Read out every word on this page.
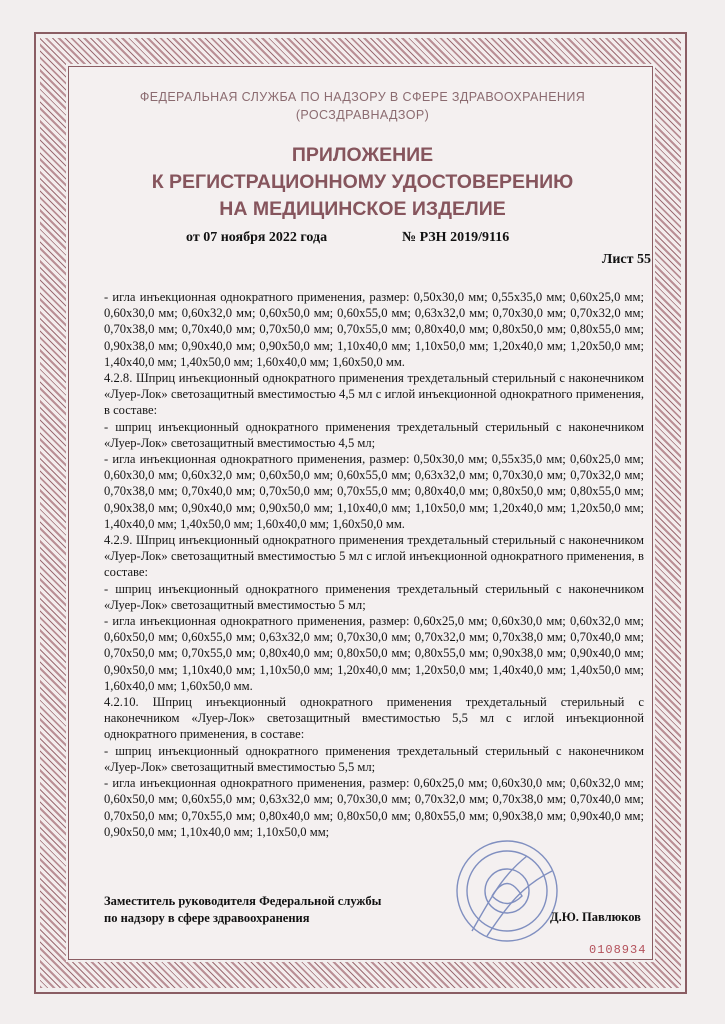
ФЕДЕРАЛЬНАЯ СЛУЖБА ПО НАДЗОРУ В СФЕРЕ ЗДРАВООХРАНЕНИЯ
(РОСЗДРАВНАДЗОР)
ПРИЛОЖЕНИЕ
К РЕГИСТРАЦИОННОМУ УДОСТОВЕРЕНИЮ
НА МЕДИЦИНСКОЕ ИЗДЕЛИЕ
от 07 ноября 2022 года	№ РЗН 2019/9116
Лист 55

- игла инъекционная однократного применения, размер: 0,50x30,0 мм; 0,55x35,0 мм; 0,60x25,0 мм; 0,60x30,0 мм; 0,60x32,0 мм; 0,60x50,0 мм; 0,60x55,0 мм; 0,63x32,0 мм; 0,70x30,0 мм; 0,70x32,0 мм; 0,70x38,0 мм; 0,70x40,0 мм; 0,70x50,0 мм; 0,70x55,0 мм; 0,80x40,0 мм; 0,80x50,0 мм; 0,80x55,0 мм; 0,90x38,0 мм; 0,90x40,0 мм; 0,90x50,0 мм; 1,10x40,0 мм; 1,10x50,0 мм; 1,20x40,0 мм; 1,20x50,0 мм; 1,40x40,0 мм; 1,40x50,0 мм; 1,60x40,0 мм; 1,60x50,0 мм.

4.2.8. Шприц инъекционный однократного применения трехдетальный стерильный с наконечником «Луер-Лок» светозащитный вместимостью 4,5 мл с иглой инъекционной однократного применения, в составе:

- шприц инъекционный однократного применения трехдетальный стерильный с наконечником «Луер-Лок» светозащитный вместимостью 4,5 мл;

- игла инъекционная однократного применения, размер: 0,50x30,0 мм; 0,55x35,0 мм; 0,60x25,0 мм; 0,60x30,0 мм; 0,60x32,0 мм; 0,60x50,0 мм; 0,60x55,0 мм; 0,63x32,0 мм; 0,70x30,0 мм; 0,70x32,0 мм; 0,70x38,0 мм; 0,70x40,0 мм; 0,70x50,0 мм; 0,70x55,0 мм; 0,80x40,0 мм; 0,80x50,0 мм; 0,80x55,0 мм; 0,90x38,0 мм; 0,90x40,0 мм; 0,90x50,0 мм; 1,10x40,0 мм; 1,10x50,0 мм; 1,20x40,0 мм; 1,20x50,0 мм; 1,40x40,0 мм; 1,40x50,0 мм; 1,60x40,0 мм; 1,60x50,0 мм.

4.2.9. Шприц инъекционный однократного применения трехдетальный стерильный с наконечником «Луер-Лок» светозащитный вместимостью 5 мл с иглой инъекционной однократного применения, в составе:

- шприц инъекционный однократного применения трехдетальный стерильный с наконечником «Луер-Лок» светозащитный вместимостью 5 мл;

- игла инъекционная однократного применения, размер: 0,60x25,0 мм; 0,60x30,0 мм; 0,60x32,0 мм; 0,60x50,0 мм; 0,60x55,0 мм; 0,63x32,0 мм; 0,70x30,0 мм; 0,70x32,0 мм; 0,70x38,0 мм; 0,70x40,0 мм; 0,70x50,0 мм; 0,70x55,0 мм; 0,80x40,0 мм; 0,80x50,0 мм; 0,80x55,0 мм; 0,90x38,0 мм; 0,90x40,0 мм; 0,90x50,0 мм; 1,10x40,0 мм; 1,10x50,0 мм; 1,20x40,0 мм; 1,20x50,0 мм; 1,40x40,0 мм; 1,40x50,0 мм; 1,60x40,0 мм; 1,60x50,0 мм.

4.2.10. Шприц инъекционный однократного применения трехдетальный стерильный с наконечником «Луер-Лок» светозащитный вместимостью 5,5 мл с иглой инъекционной однократного применения, в составе:

- шприц инъекционный однократного применения трехдетальный стерильный с наконечником «Луер-Лок» светозащитный вместимостью 5,5 мл;

- игла инъекционная однократного применения, размер: 0,60x25,0 мм; 0,60x30,0 мм; 0,60x32,0 мм; 0,60x50,0 мм; 0,60x55,0 мм; 0,63x32,0 мм; 0,70x30,0 мм; 0,70x32,0 мм; 0,70x38,0 мм; 0,70x40,0 мм; 0,70x50,0 мм; 0,70x55,0 мм; 0,80x40,0 мм; 0,80x50,0 мм; 0,80x55,0 мм; 0,90x38,0 мм; 0,90x40,0 мм; 0,90x50,0 мм; 1,10x40,0 мм; 1,10x50,0 мм;

Заместитель руководителя Федеральной службы
по надзору в сфере здравоохранения	Д.Ю. Павлюков
0108934
